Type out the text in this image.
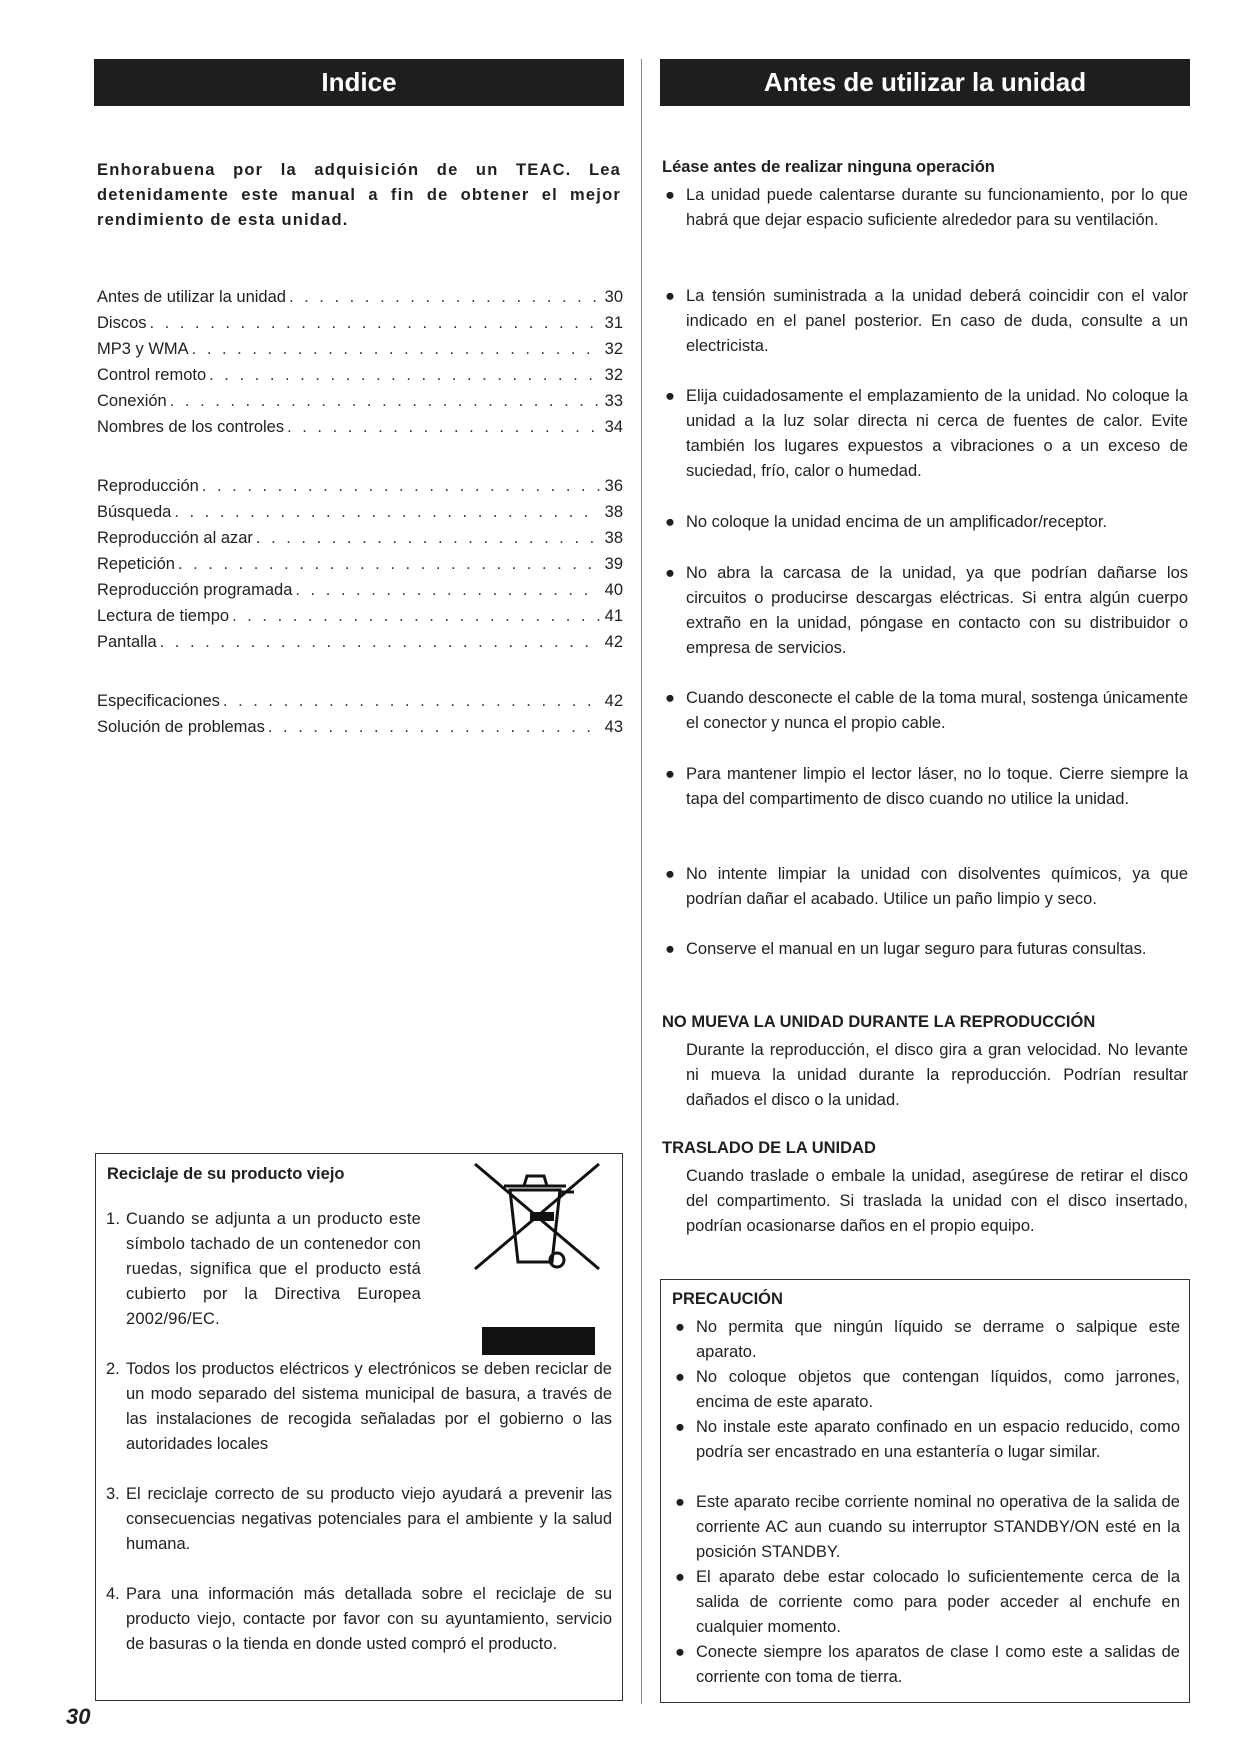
Indice	Antes de utilizar la unidad
Enhorabuena por la adquisición de un TEAC. Lea detenidamente este manual a fin de obtener el mejor rendimiento de esta unidad.
Antes de utilizar la unidad . . .	30
Discos . . .	31
MP3 y WMA . . .	32
Control remoto . . .	32
Conexión . . .	33
Nombres de los controles . . .	34
Reproducción . . .	36
Búsqueda . . .	38
Reproducción al azar . . .	38
Repetición . . .	39
Reproducción programada . . .	40
Lectura de tiempo . . .	41
Pantalla . . .	42
Especificaciones . . .	42
Solución de problemas . . .	43
Reciclaje de su producto viejo
1. Cuando se adjunta a un producto este símbolo tachado de un contenedor con ruedas, significa que el producto está cubierto por la Directiva Europea 2002/96/EC.
2. Todos los productos eléctricos y electrónicos se deben reciclar de un modo separado del sistema municipal de basura, a través de las instalaciones de recogida señaladas por el gobierno o las autoridades locales
3. El reciclaje correcto de su producto viejo ayudará a prevenir las consecuencias negativas potenciales para el ambiente y la salud humana.
4. Para una información más detallada sobre el reciclaje de su producto viejo, contacte por favor con su ayuntamiento, servicio de basuras o la tienda en donde usted compró el producto.
Léase antes de realizar ninguna operación
● La unidad puede calentarse durante su funcionamiento, por lo que habrá que dejar espacio suficiente alrededor para su ventilación.
● La tensión suministrada a la unidad deberá coincidir con el valor indicado en el panel posterior. En caso de duda, consulte a un electricista.
● Elija cuidadosamente el emplazamiento de la unidad. No coloque la unidad a la luz solar directa ni cerca de fuentes de calor. Evite también los lugares expuestos a vibraciones o a un exceso de suciedad, frío, calor o humedad.
● No coloque la unidad encima de un amplificador/receptor.
● No abra la carcasa de la unidad, ya que podrían dañarse los circuitos o producirse descargas eléctricas. Si entra algún cuerpo extraño en la unidad, póngase en contacto con su distribuidor o empresa de servicios.
● Cuando desconecte el cable de la toma mural, sostenga únicamente el conector y nunca el propio cable.
● Para mantener limpio el lector láser, no lo toque. Cierre siempre la tapa del compartimento de disco cuando no utilice la unidad.
● No intente limpiar la unidad con disolventes químicos, ya que podrían dañar el acabado. Utilice un paño limpio y seco.
● Conserve el manual en un lugar seguro para futuras consultas.
NO MUEVA LA UNIDAD DURANTE LA REPRODUCCIÓN
Durante la reproducción, el disco gira a gran velocidad. No levante ni mueva la unidad durante la reproducción. Podrían resultar dañados el disco o la unidad.
TRASLADO DE LA UNIDAD
Cuando traslade o embale la unidad, asegúrese de retirar el disco del compartimento. Si traslada la unidad con el disco insertado, podrían ocasionarse daños en el propio equipo.
PRECAUCIÓN
● No permita que ningún líquido se derrame o salpique este aparato.
● No coloque objetos que contengan líquidos, como jarrones, encima de este aparato.
● No instale este aparato confinado en un espacio reducido, como podría ser encastrado en una estantería o lugar similar.
● Este aparato recibe corriente nominal no operativa de la salida de corriente AC aun cuando su interruptor STANDBY/ON esté en la posición STANDBY.
● El aparato debe estar colocado lo suficientemente cerca de la salida de corriente como para poder acceder al enchufe en cualquier momento.
● Conecte siempre los aparatos de clase I como este a salidas de corriente con toma de tierra.
30
